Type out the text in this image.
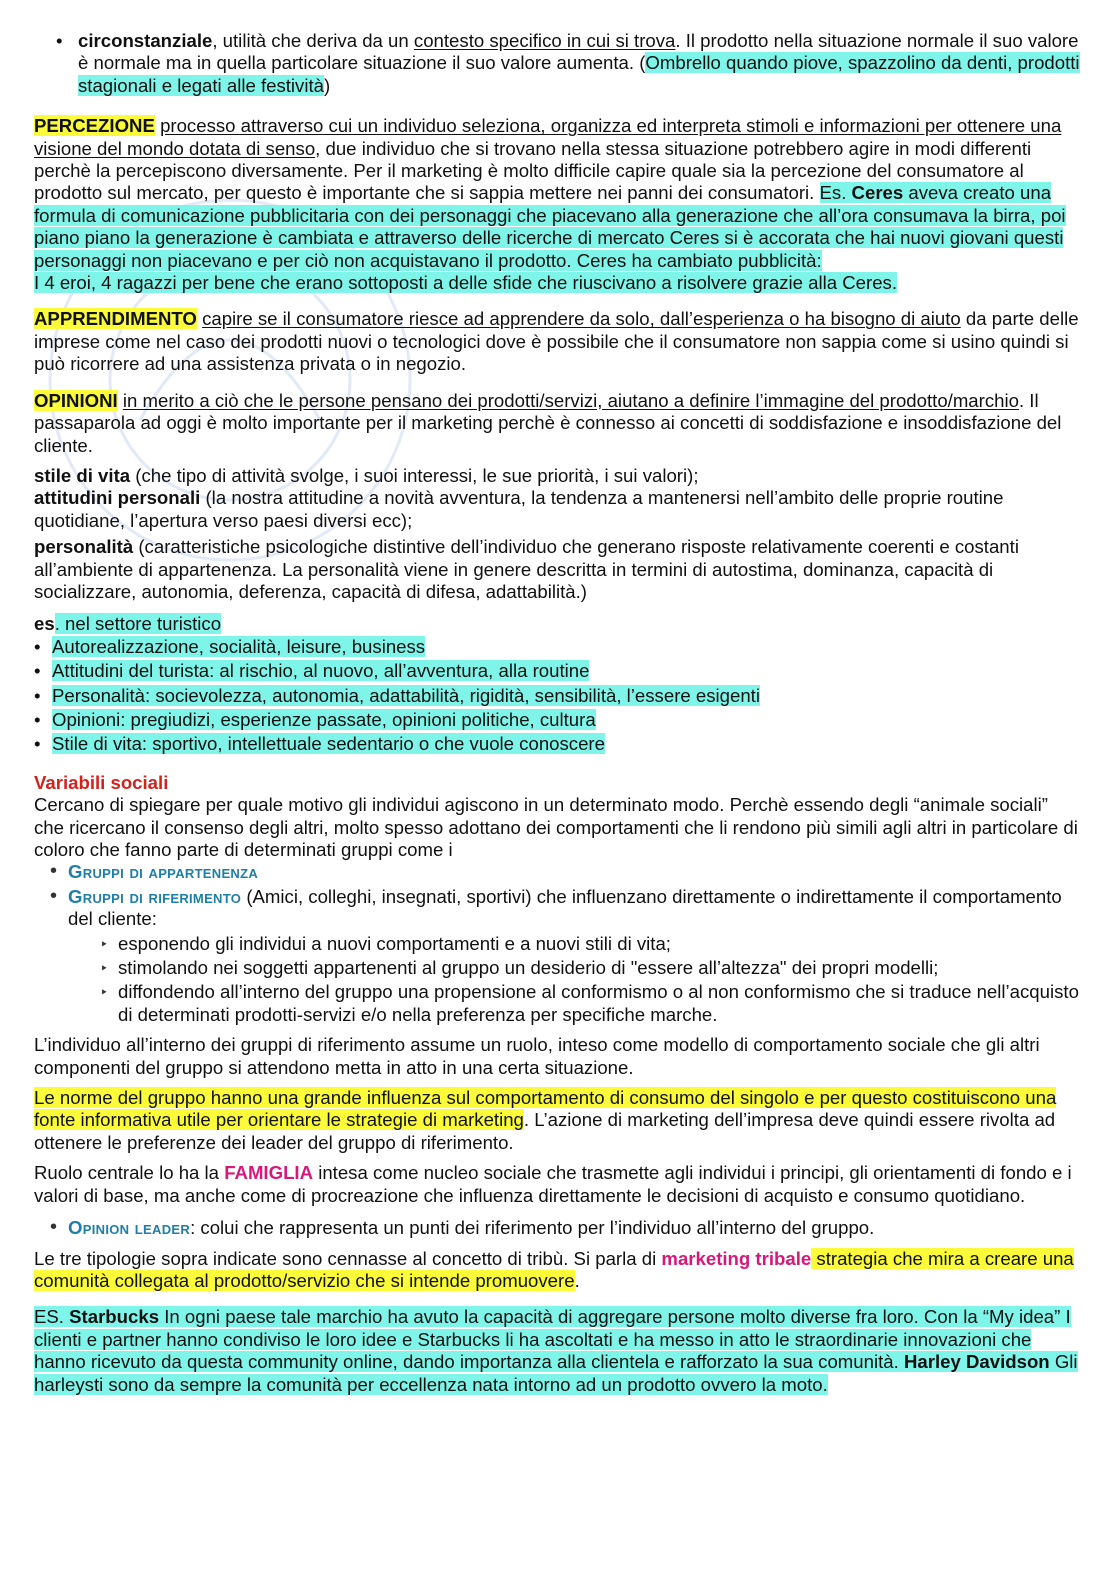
• circonstanziale, utilità che deriva da un contesto specifico in cui si trova. Il prodotto nella situazione normale il suo valore è normale ma in quella particolare situazione il suo valore aumenta. (Ombrello quando piove, spazzolino da denti, prodotti stagionali e legati alle festività)

PERCEZIONE processo attraverso cui un individuo seleziona, organizza ed interpreta stimoli e informazioni per ottenere una visione del mondo dotata di senso, due individuo che si trovano nella stessa situazione potrebbero agire in modi differenti perchè la percepiscono diversamente. Per il marketing è molto difficile capire quale sia la percezione del consumatore al prodotto sul mercato, per questo è importante che si sappia mettere nei panni dei consumatori. Es. Ceres aveva creato una formula di comunicazione pubblicitaria con dei personaggi che piacevano alla generazione che all’ora consumava la birra, poi piano piano la generazione è cambiata e attraverso delle ricerche di mercato Ceres si è accorata che hai nuovi giovani questi personaggi non piacevano e per ciò non acquistavano il prodotto. Ceres ha cambiato pubblicità:
I 4 eroi, 4 ragazzi per bene che erano sottoposti a delle sfide che riuscivano a risolvere grazie alla Ceres.

APPRENDIMENTO capire se il consumatore riesce ad apprendere da solo, dall’esperienza o ha bisogno di aiuto da parte delle imprese come nel caso dei prodotti nuovi o tecnologici dove è possibile che il consumatore non sappia come si usino quindi si può ricorrere ad una assistenza privata o in negozio.

OPINIONI in merito a ciò che le persone pensano dei prodotti/servizi, aiutano a definire l’immagine del prodotto/marchio. Il passaparola ad oggi è molto importante per il marketing perchè è connesso ai concetti di soddisfazione e insoddisfazione del cliente.

stile di vita (che tipo di attività svolge, i suoi interessi, le sue priorità, i sui valori);

attitudini personali (la nostra attitudine a novità avventura, la tendenza a mantenersi nell’ambito delle proprie routine quotidiane, l’apertura verso paesi diversi ecc);

personalità (caratteristiche psicologiche distintive dell’individuo che generano risposte relativamente coerenti e costanti all’ambiente di appartenenza. La personalità viene in genere descritta in termini di autostima, dominanza, capacità di socializzare, autonomia, deferenza, capacità di difesa, adattabilità.)

es. nel settore turistico

• Autorealizzazione, socialità, leisure, business

• Attitudini del turista: al rischio, al nuovo, all’avventura, alla routine

• Personalità: socievolezza, autonomia, adattabilità, rigidità, sensibilità, l’essere esigenti

• Opinioni: pregiudizi, esperienze passate, opinioni politiche, cultura

• Stile di vita: sportivo, intellettuale sedentario o che vuole conoscere

Variabili sociali

Cercano di spiegare per quale motivo gli individui agiscono in un determinato modo. Perchè essendo degli “animale sociali” che ricercano il consenso degli altri, molto spesso adottano dei comportamenti che li rendono più simili agli altri in particolare di coloro che fanno parte di determinati gruppi come i

• Gruppi di appartenenza

• Gruppi di riferimento (Amici, colleghi, insegnati, sportivi) che influenzano direttamente o indirettamente il comportamento del cliente:

‣ esponendo gli individui a nuovi comportamenti e a nuovi stili di vita;

‣ stimolando nei soggetti appartenenti al gruppo un desiderio di "essere all’altezza" dei propri modelli;

‣ diffondendo all’interno del gruppo una propensione al conformismo o al non conformismo che si traduce nell’acquisto di determinati prodotti-servizi e/o nella preferenza per specifiche marche.

L’individuo all’interno dei gruppi di riferimento assume un ruolo, inteso come modello di comportamento sociale che gli altri componenti del gruppo si attendono metta in atto in una certa situazione.

Le norme del gruppo hanno una grande influenza sul comportamento di consumo del singolo e per questo costituiscono una fonte informativa utile per orientare le strategie di marketing. L’azione di marketing dell’impresa deve quindi essere rivolta ad ottenere le preferenze dei leader del gruppo di riferimento.

Ruolo centrale lo ha la FAMIGLIA intesa come nucleo sociale che trasmette agli individui i principi, gli orientamenti di fondo e i valori di base, ma anche come di procreazione che influenza direttamente le decisioni di acquisto e consumo quotidiano.

• Opinion leader: colui che rappresenta un punti dei riferimento per l’individuo all’interno del gruppo.

Le tre tipologie sopra indicate sono cennasse al concetto di tribù. Si parla di marketing tribale strategia che mira a creare una comunità collegata al prodotto/servizio che si intende promuovere.

ES. Starbucks In ogni paese tale marchio ha avuto la capacità di aggregare persone molto diverse fra loro. Con la “My idea” I clienti e partner hanno condiviso le loro idee e Starbucks li ha ascoltati e ha messo in atto le straordinarie innovazioni che hanno ricevuto da questa community online, dando importanza alla clientela e rafforzato la sua comunità. Harley Davidson Gli harleysti sono da sempre la comunità per eccellenza nata intorno ad un prodotto ovvero la moto.
